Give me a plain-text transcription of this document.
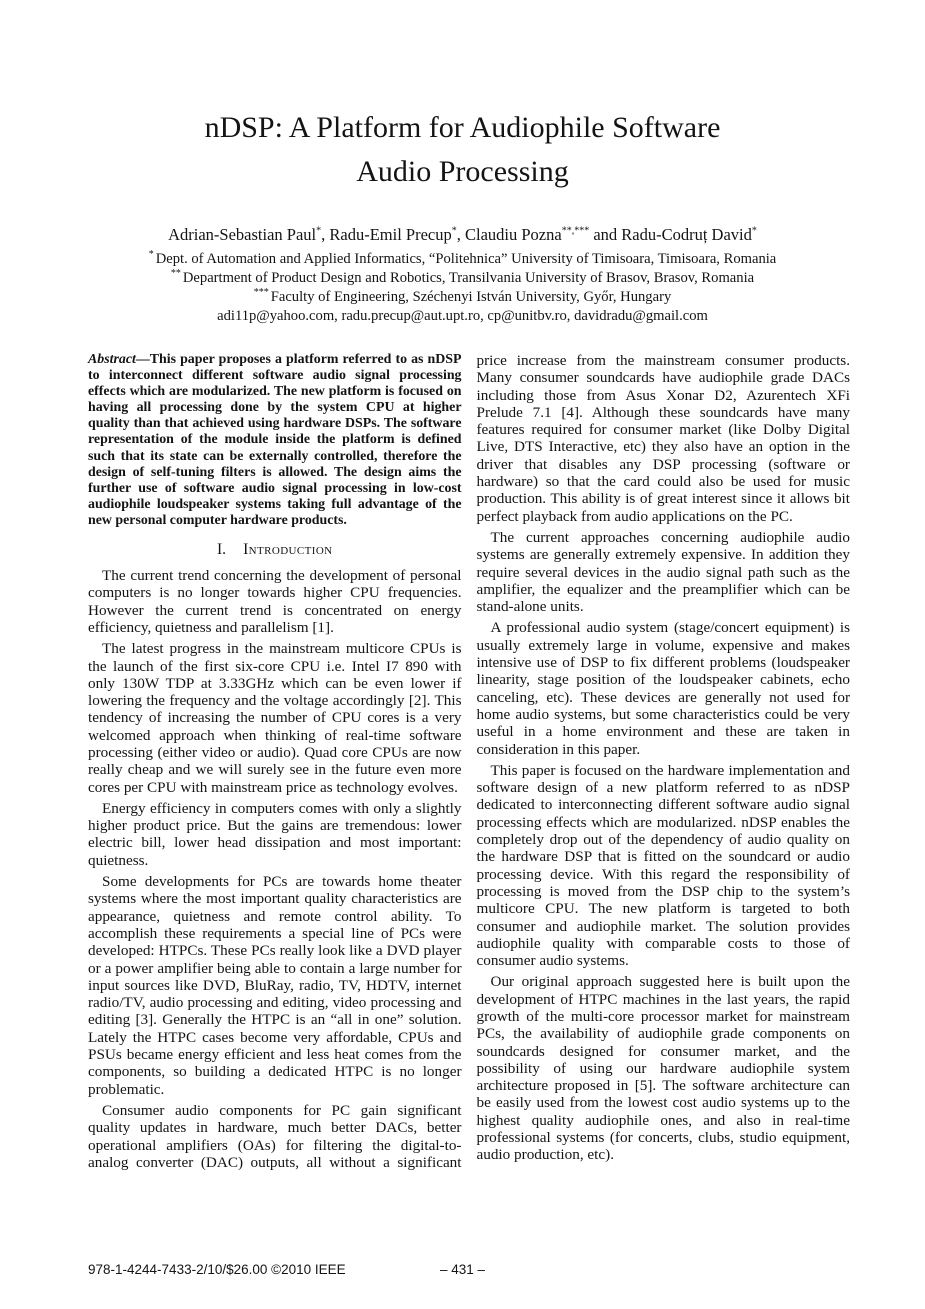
nDSP: A Platform for Audiophile Software
Audio Processing
Adrian-Sebastian Paul*, Radu-Emil Precup*, Claudiu Pozna**,*** and Radu-Codruț David*
* Dept. of Automation and Applied Informatics, “Politehnica” University of Timisoara, Timisoara, Romania
** Department of Product Design and Robotics, Transilvania University of Brasov, Brasov, Romania
*** Faculty of Engineering, Széchenyi István University, Győr, Hungary
adi11p@yahoo.com, radu.precup@aut.upt.ro, cp@unitbv.ro, davidradu@gmail.com

Abstract—This paper proposes a platform referred to as nDSP to interconnect different software audio signal processing effects which are modularized. The new platform is focused on having all processing done by the system CPU at higher quality than that achieved using hardware DSPs. The software representation of the module inside the platform is defined such that its state can be externally controlled, therefore the design of self-tuning filters is allowed. The design aims the further use of software audio signal processing in low-cost audiophile loudspeaker systems taking full advantage of the new personal computer hardware products.

I. Introduction

The current trend concerning the development of personal computers is no longer towards higher CPU frequencies. However the current trend is concentrated on energy efficiency, quietness and parallelism [1].

The latest progress in the mainstream multicore CPUs is the launch of the first six-core CPU i.e. Intel I7 890 with only 130W TDP at 3.33GHz which can be even lower if lowering the frequency and the voltage accordingly [2]. This tendency of increasing the number of CPU cores is a very welcomed approach when thinking of real-time software processing (either video or audio). Quad core CPUs are now really cheap and we will surely see in the future even more cores per CPU with mainstream price as technology evolves.

Energy efficiency in computers comes with only a slightly higher product price. But the gains are tremendous: lower electric bill, lower head dissipation and most important: quietness.

Some developments for PCs are towards home theater systems where the most important quality characteristics are appearance, quietness and remote control ability. To accomplish these requirements a special line of PCs were developed: HTPCs. These PCs really look like a DVD player or a power amplifier being able to contain a large number for input sources like DVD, BluRay, radio, TV, HDTV, internet radio/TV, audio processing and editing, video processing and editing [3]. Generally the HTPC is an “all in one” solution. Lately the HTPC cases become very affordable, CPUs and PSUs became energy efficient and less heat comes from the components, so building a dedicated HTPC is no longer problematic.

Consumer audio components for PC gain significant quality updates in hardware, much better DACs, better operational amplifiers (OAs) for filtering the digital-to-analog converter (DAC) outputs, all without a significant

price increase from the mainstream consumer products. Many consumer soundcards have audiophile grade DACs including those from Asus Xonar D2, Azurentech XFi Prelude 7.1 [4]. Although these soundcards have many features required for consumer market (like Dolby Digital Live, DTS Interactive, etc) they also have an option in the driver that disables any DSP processing (software or hardware) so that the card could also be used for music production. This ability is of great interest since it allows bit perfect playback from audio applications on the PC.

The current approaches concerning audiophile audio systems are generally extremely expensive. In addition they require several devices in the audio signal path such as the amplifier, the equalizer and the preamplifier which can be stand-alone units.

A professional audio system (stage/concert equipment) is usually extremely large in volume, expensive and makes intensive use of DSP to fix different problems (loudspeaker linearity, stage position of the loudspeaker cabinets, echo canceling, etc). These devices are generally not used for home audio systems, but some characteristics could be very useful in a home environment and these are taken in consideration in this paper.

This paper is focused on the hardware implementation and software design of a new platform referred to as nDSP dedicated to interconnecting different software audio signal processing effects which are modularized. nDSP enables the completely drop out of the dependency of audio quality on the hardware DSP that is fitted on the soundcard or audio processing device. With this regard the responsibility of processing is moved from the DSP chip to the system’s multicore CPU. The new platform is targeted to both consumer and audiophile market. The solution provides audiophile quality with comparable costs to those of consumer audio systems.

Our original approach suggested here is built upon the development of HTPC machines in the last years, the rapid growth of the multi-core processor market for mainstream PCs, the availability of audiophile grade components on soundcards designed for consumer market, and the possibility of using our hardware audiophile system architecture proposed in [5]. The software architecture can be easily used from the lowest cost audio systems up to the highest quality audiophile ones, and also in real-time professional systems (for concerts, clubs, studio equipment, audio production, etc).

978-1-4244-7433-2/10/$26.00 ©2010 IEEE	– 431 –
